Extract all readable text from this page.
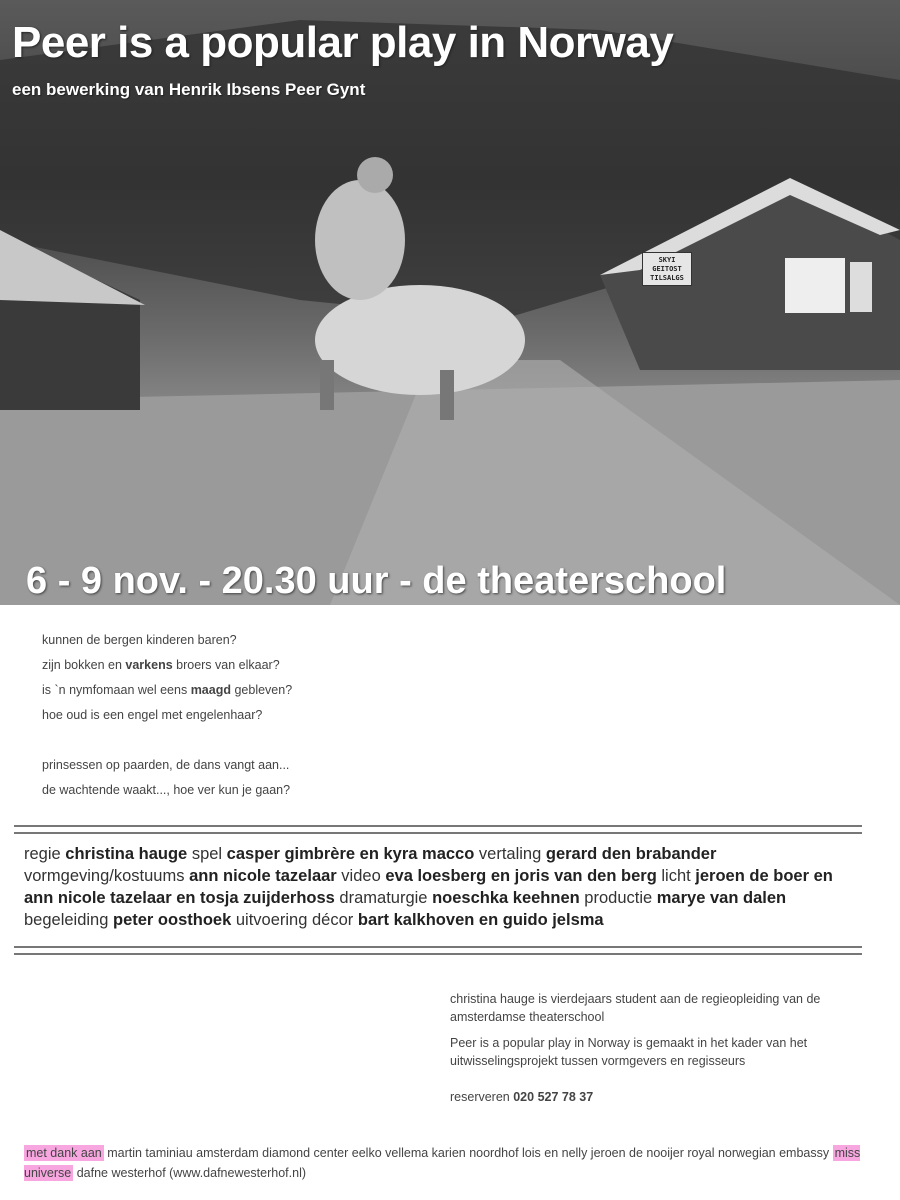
SKYI
GEITOST
TILSALGS
Peer is a popular play in Norway
een bewerking van Henrik Ibsens Peer Gynt
6 - 9 nov. - 20.30 uur - de theaterschool

kunnen de bergen kinderen baren?

zijn bokken en varkens broers van elkaar?

is `n nymfomaan wel eens maagd gebleven?

hoe oud is een engel met engelenhaar?

prinsessen op paarden, de dans vangt aan...

de wachtende waakt..., hoe ver kun je gaan?

regie christina hauge spel casper gimbrère en kyra macco vertaling gerard den brabander vormgeving/kostuums ann nicole tazelaar video eva loesberg en joris van den berg licht jeroen de boer en ann nicole tazelaar en tosja zuijderhoss dramaturgie noeschka keehnen productie marye van dalen begeleiding peter oosthoek uitvoering décor bart kalkhoven en guido jelsma

christina hauge is vierdejaars student aan de regieopleiding van de amsterdamse theaterschool

Peer is a popular play in Norway is gemaakt in het kader van het uitwisselingsprojekt tussen vormgevers en regisseurs

reserveren 020 527 78 37

met dank aan martin taminiau amsterdam diamond center eelko vellema karien noordhof lois en nelly jeroen de nooijer royal norwegian embassy miss universe dafne westerhof (www.dafnewesterhof.nl)
